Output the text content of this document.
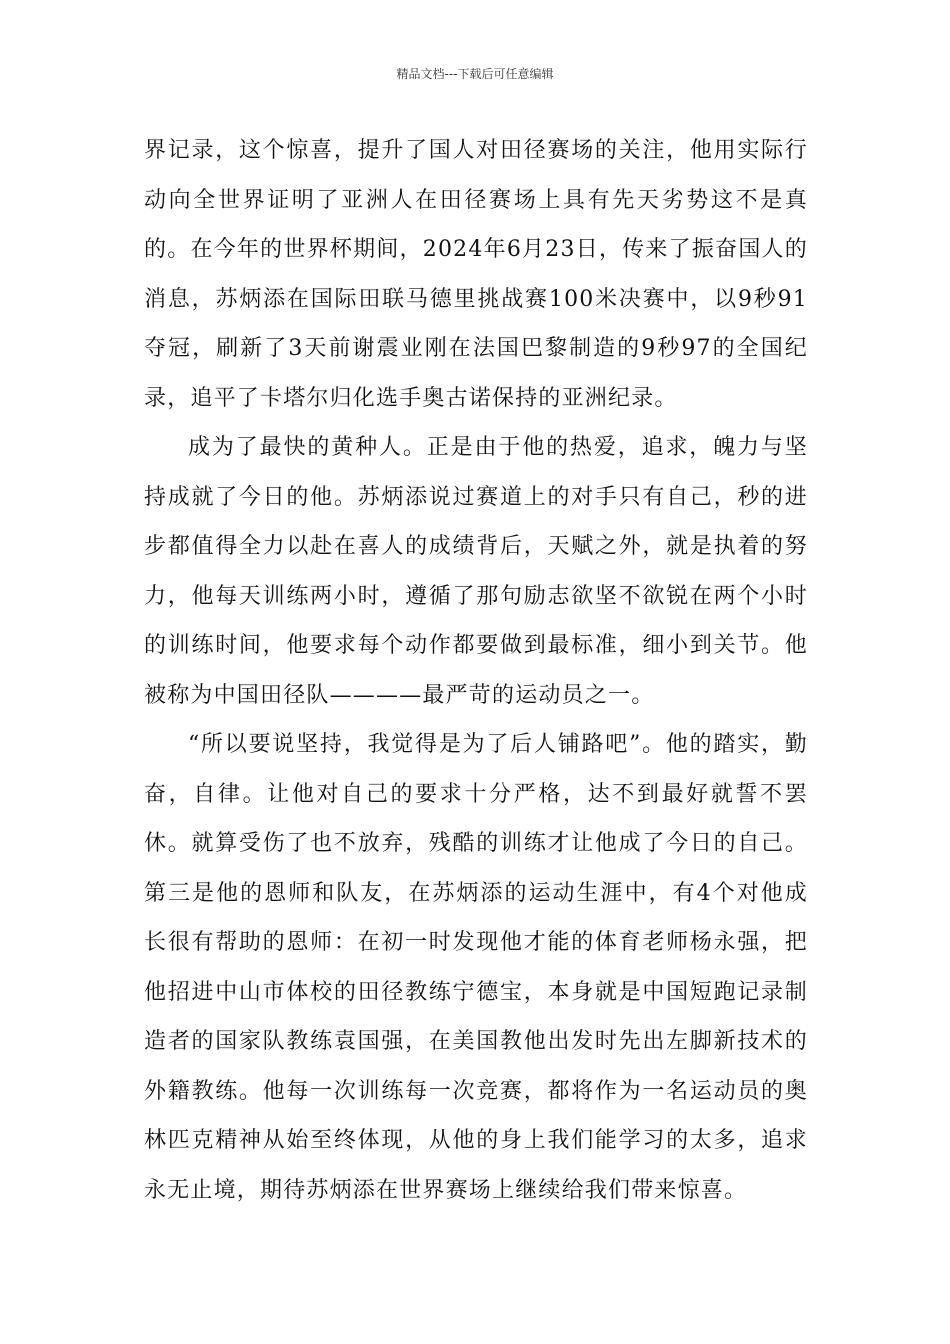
精品文档---下载后可任意编辑

界记录，这个惊喜，提升了国人对田径赛场的关注，他用实际行动向全世界证明了亚洲人在田径赛场上具有先天劣势这不是真的。在今年的世界杯期间，2024年6月23日，传来了振奋国人的消息，苏炳添在国际田联马德里挑战赛100米决赛中，以9秒91夺冠，刷新了3天前谢震业刚在法国巴黎制造的9秒97的全国纪录，追平了卡塔尔归化选手奥古诺保持的亚洲纪录。

成为了最快的黄种人。正是由于他的热爱，追求，魄力与坚持成就了今日的他。苏炳添说过赛道上的对手只有自己，秒的进步都值得全力以赴在喜人的成绩背后，天赋之外，就是执着的努力，他每天训练两小时，遵循了那句励志欲坚不欲锐在两个小时的训练时间，他要求每个动作都要做到最标准，细小到关节。他被称为中国田径队————最严苛的运动员之一。

“所以要说坚持，我觉得是为了后人铺路吧”。他的踏实，勤奋，自律。让他对自己的要求十分严格，达不到最好就誓不罢休。就算受伤了也不放弃，残酷的训练才让他成了今日的自己。第三是他的恩师和队友，在苏炳添的运动生涯中，有4个对他成长很有帮助的恩师：在初一时发现他才能的体育老师杨永强，把他招进中山市体校的田径教练宁德宝，本身就是中国短跑记录制造者的国家队教练袁国强，在美国教他出发时先出左脚新技术的外籍教练。他每一次训练每一次竞赛，都将作为一名运动员的奥林匹克精神从始至终体现，从他的身上我们能学习的太多，追求永无止境，期待苏炳添在世界赛场上继续给我们带来惊喜。
